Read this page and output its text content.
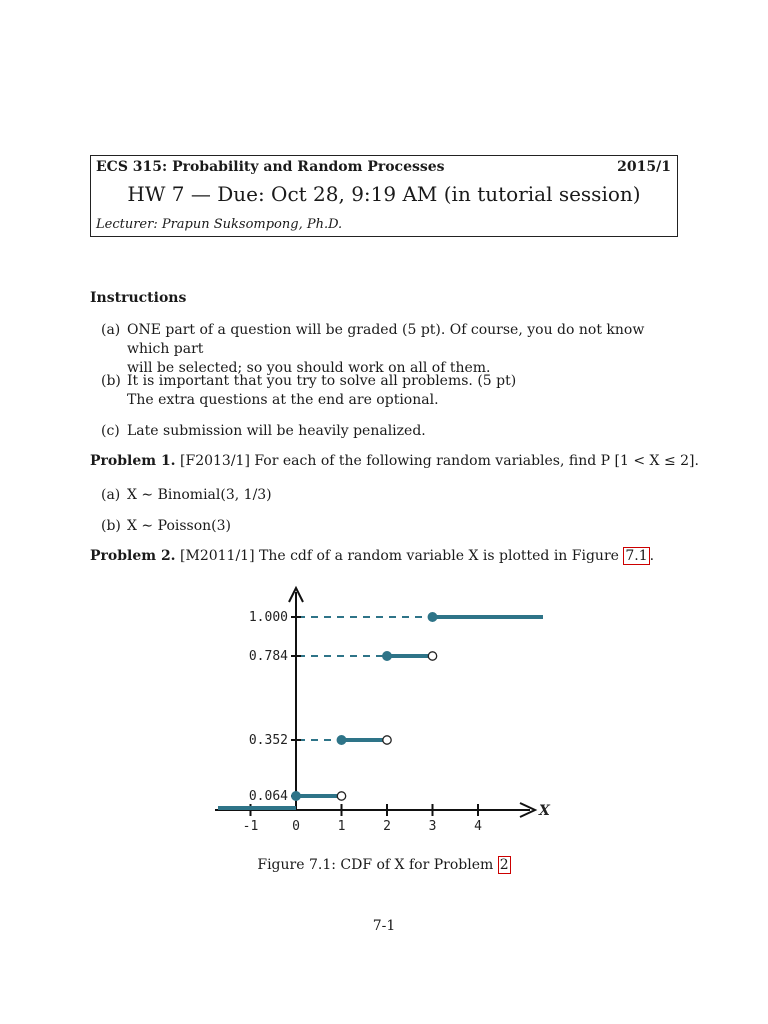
ECS 315: Probability and Random Processes	2015/1
HW 7 — Due: Oct 28, 9:19 AM (in tutorial session)
Lecturer: Prapun Suksompong, Ph.D.
Instructions
(a) ONE part of a question will be graded (5 pt). Of course, you do not know which part
will be selected; so you should work on all of them.
(b) It is important that you try to solve all problems. (5 pt)
The extra questions at the end are optional.
(c) Late submission will be heavily penalized.
Problem 1. [F2013/1] For each of the following random variables, find P [1 < X ≤ 2].
(a) X ∼ Binomial(3, 1/3)
(b) X ∼ Poisson(3)
Problem 2. [M2011/1] The cdf of a random variable X is plotted in Figure 7.1 .
-1	0	1	2	3	4
0.064
0.352
0.784
1.000
X
Figure 7.1: CDF of X for Problem 2
7-1
